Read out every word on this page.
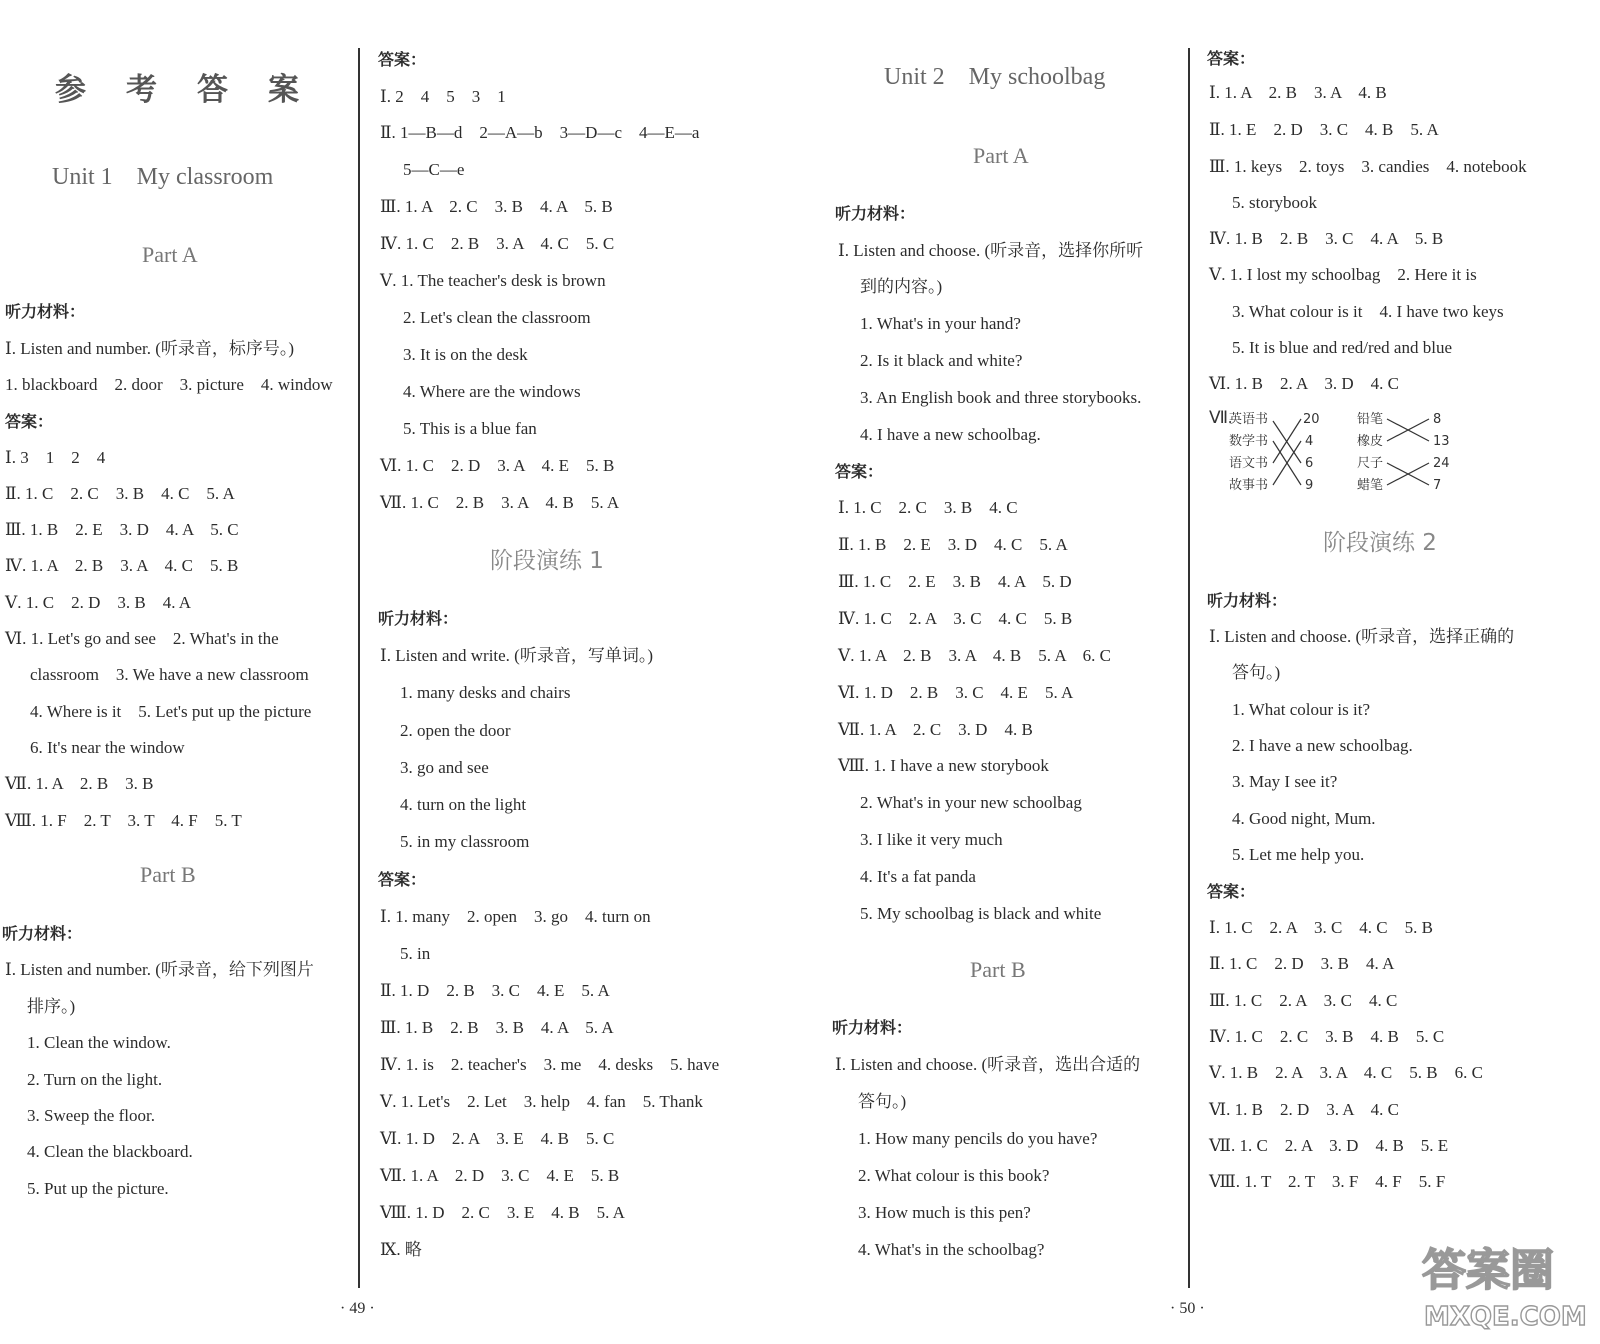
参考答案
Unit 1　My classroom
Part A
听力材料：
Ⅰ. Listen and number. (听录音，标序号。)
1. blackboard　2. door　3. picture　4. window
答案：
Ⅰ. 3　1　2　4
Ⅱ. 1. C　2. C　3. B　4. C　5. A
Ⅲ. 1. B　2. E　3. D　4. A　5. C
Ⅳ. 1. A　2. B　3. A　4. C　5. B
Ⅴ. 1. C　2. D　3. B　4. A
Ⅵ. 1. Let's go and see　2. What's in the
classroom　3. We have a new classroom
4. Where is it　5. Let's put up the picture
6. It's near the window
Ⅶ. 1. A　2. B　3. B
Ⅷ. 1. F　2. T　3. T　4. F　5. T
Part B
听力材料：
Ⅰ. Listen and number. (听录音，给下列图片
排序。)
1. Clean the window.
2. Turn on the light.
3. Sweep the floor.
4. Clean the blackboard.
5. Put up the picture.
答案：
Ⅰ. 2　4　5　3　1
Ⅱ. 1—B—d　2—A—b　3—D—c　4—E—a
5—C—e
Ⅲ. 1. A　2. C　3. B　4. A　5. B
Ⅳ. 1. C　2. B　3. A　4. C　5. C
Ⅴ. 1. The teacher's desk is brown
2. Let's clean the classroom
3. It is on the desk
4. Where are the windows
5. This is a blue fan
Ⅵ. 1. C　2. D　3. A　4. E　5. B
Ⅶ. 1. C　2. B　3. A　4. B　5. A
阶段演练 1
听力材料：
Ⅰ. Listen and write. (听录音，写单词。)
1. many desks and chairs
2. open the door
3. go and see
4. turn on the light
5. in my classroom
答案：
Ⅰ. 1. many　2. open　3. go　4. turn on
5. in
Ⅱ. 1. D　2. B　3. C　4. E　5. A
Ⅲ. 1. B　2. B　3. B　4. A　5. A
Ⅳ. 1. is　2. teacher's　3. me　4. desks　5. have
Ⅴ. 1. Let's　2. Let　3. help　4. fan　5. Thank
Ⅵ. 1. D　2. A　3. E　4. B　5. C
Ⅶ. 1. A　2. D　3. C　4. E　5. B
Ⅷ. 1. D　2. C　3. E　4. B　5. A
Ⅸ. 略
· 49 ·
Unit 2　My schoolbag
Part A
听力材料：
Ⅰ. Listen and choose. (听录音，选择你所听
到的内容。)
1. What's in your hand?
2. Is it black and white?
3. An English book and three storybooks.
4. I have a new schoolbag.
答案：
Ⅰ. 1. C　2. C　3. B　4. C
Ⅱ. 1. B　2. E　3. D　4. C　5. A
Ⅲ. 1. C　2. E　3. B　4. A　5. D
Ⅳ. 1. C　2. A　3. C　4. C　5. B
Ⅴ. 1. A　2. B　3. A　4. B　5. A　6. C
Ⅵ. 1. D　2. B　3. C　4. E　5. A
Ⅶ. 1. A　2. C　3. D　4. B
Ⅷ. 1. I have a new storybook
2. What's in your new schoolbag
3. I like it very much
4. It's a fat panda
5. My schoolbag is black and white
Part B
听力材料：
Ⅰ. Listen and choose. (听录音，选出合适的
答句。)
1. How many pencils do you have?
2. What colour is this book?
3. How much is this pen?
4. What's in the schoolbag?
答案：
Ⅰ. 1. A　2. B　3. A　4. B
Ⅱ. 1. E　2. D　3. C　4. B　5. A
Ⅲ. 1. keys　2. toys　3. candies　4. notebook
5. storybook
Ⅳ. 1. B　2. B　3. C　4. A　5. B
Ⅴ. 1. I lost my schoolbag　2. Here it is
3. What colour is it　4. I have two keys
5. It is blue and red/red and blue
Ⅵ. 1. B　2. A　3. D　4. C
Ⅶ.
英语书
数学书
语文书
故事书
20
4
6
9
铅笔
橡皮
尺子
蜡笔
8
13
24
7
阶段演练 2
听力材料：
Ⅰ. Listen and choose. (听录音，选择正确的
答句。)
1. What colour is it?
2. I have a new schoolbag.
3. May I see it?
4. Good night, Mum.
5. Let me help you.
答案：
Ⅰ. 1. C　2. A　3. C　4. C　5. B
Ⅱ. 1. C　2. D　3. B　4. A
Ⅲ. 1. C　2. A　3. C　4. C
Ⅳ. 1. C　2. C　3. B　4. B　5. C
Ⅴ. 1. B　2. A　3. A　4. C　5. B　6. C
Ⅵ. 1. B　2. D　3. A　4. C
Ⅶ. 1. C　2. A　3. D　4. B　5. E
Ⅷ. 1. T　2. T　3. F　4. F　5. F
· 50 ·
答案圈
MXQE.COM
